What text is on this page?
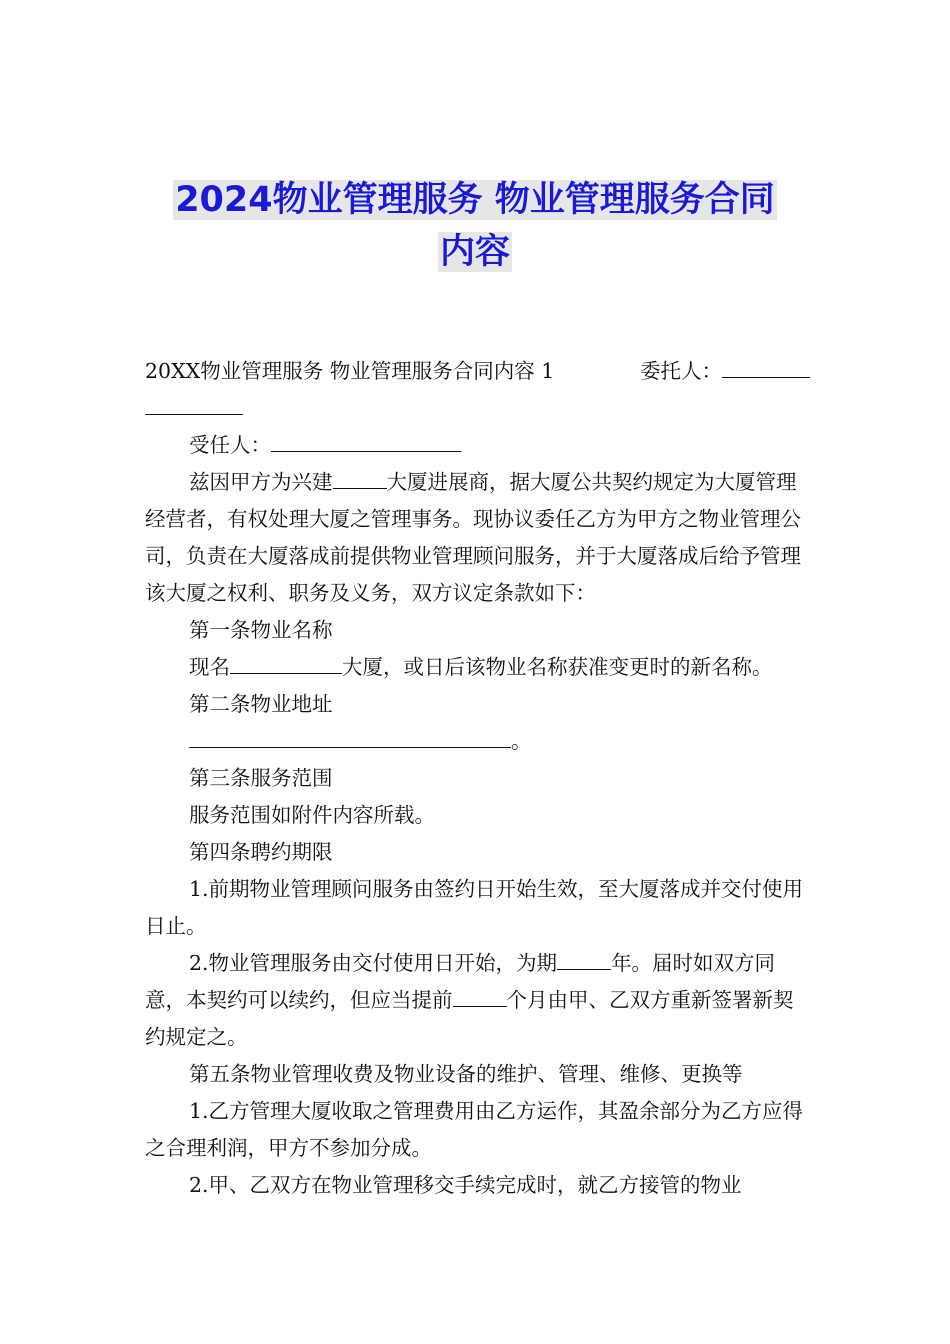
2024物业管理服务 物业管理服务合同
内容
20XX物业管理服务 物业管理服务合同内容 1	委托人：

受任人：

兹因甲方为兴建	大厦进展商，据大厦公共契约规定为大厦管理经营者，有权处理大厦之管理事务。现协议委任乙方为甲方之物业管理公司，负责在大厦落成前提供物业管理顾问服务，并于大厦落成后给予管理该大厦之权利、职务及义务，双方议定条款如下：

第一条物业名称

现名	大厦，或日后该物业名称获准变更时的新名称。

第二条物业地址

。

第三条服务范围

服务范围如附件内容所载。

第四条聘约期限

1.前期物业管理顾问服务由签约日开始生效，至大厦落成并交付使用日止。

2.物业管理服务由交付使用日开始，为期	年。届时如双方同意，本契约可以续约，但应当提前	个月由甲、乙双方重新签署新契约规定之。

第五条物业管理收费及物业设备的维护、管理、维修、更换等

1.乙方管理大厦收取之管理费用由乙方运作，其盈余部分为乙方应得之合理利润，甲方不参加分成。

2.甲、乙双方在物业管理移交手续完成时，就乙方接管的物业
